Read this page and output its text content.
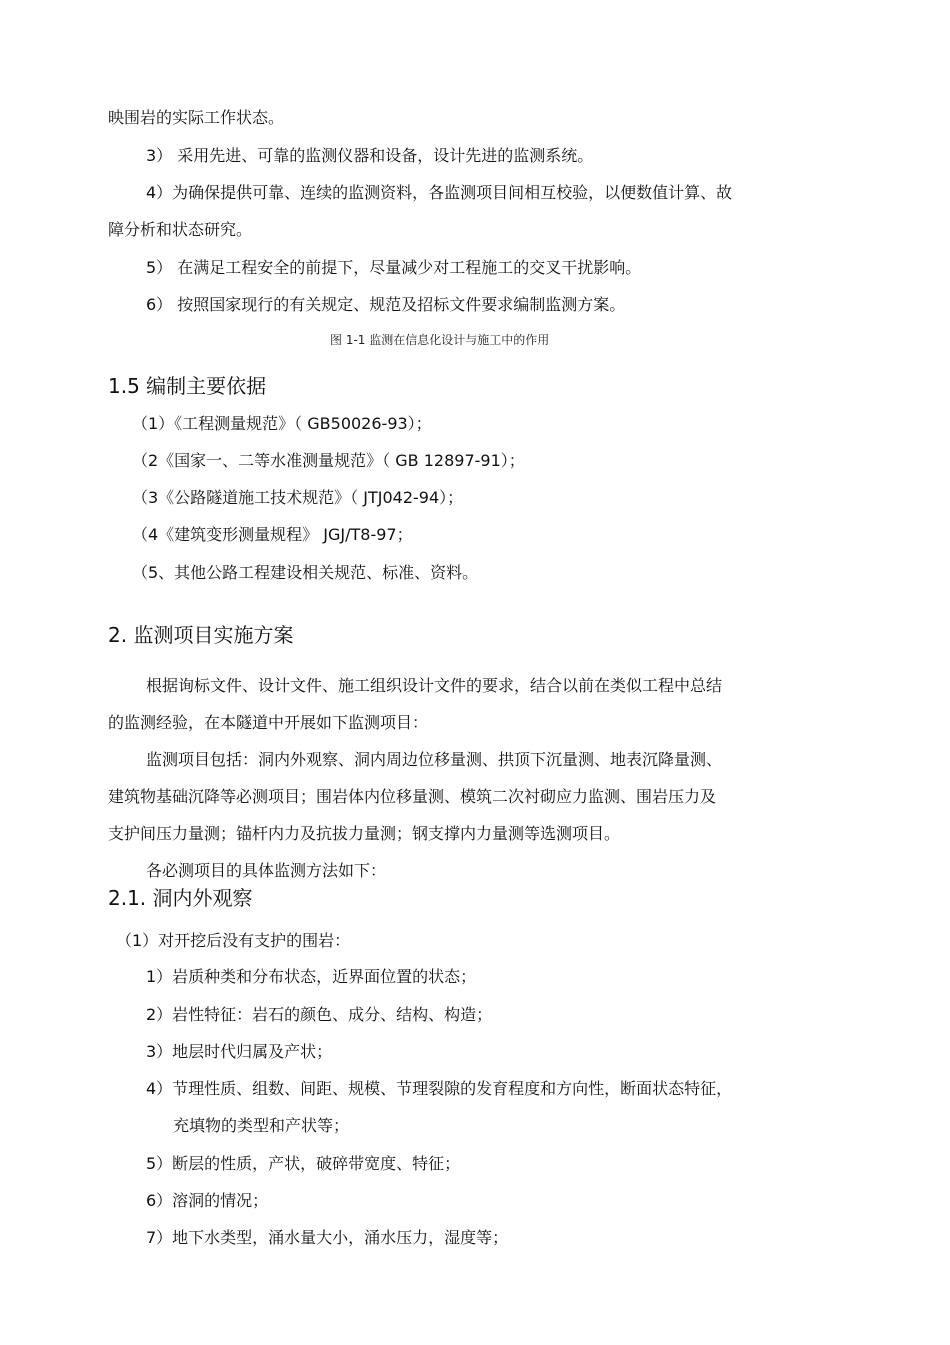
映围岩的实际工作状态。
3） 采用先进、可靠的监测仪器和设备，设计先进的监测系统。
4）为确保提供可靠、连续的监测资料，各监测项目间相互校验，以便数值计算、故
障分析和状态研究。
5） 在满足工程安全的前提下，尽量减少对工程施工的交叉干扰影响。
6） 按照国家现行的有关规定、规范及招标文件要求编制监测方案。
图 1-1 监测在信息化设计与施工中的作用
1.5 编制主要依据
（1）《工程测量规范》（ GB50026-93）；
（2《国家一、二等水准测量规范》（ GB 12897-91）；
（3《公路隧道施工技术规范》（ JTJ042-94）；
（4《建筑变形测量规程》 JGJ/T8-97；
（5、其他公路工程建设相关规范、标准、资料。
2. 监测项目实施方案
根据询标文件、设计文件、施工组织设计文件的要求，结合以前在类似工程中总结
的监测经验，在本隧道中开展如下监测项目：
监测项目包括：洞内外观察、洞内周边位移量测、拱顶下沉量测、地表沉降量测、
建筑物基础沉降等必测项目；围岩体内位移量测、模筑二次衬砌应力监测、围岩压力及
支护间压力量测；锚杆内力及抗拔力量测；钢支撑内力量测等选测项目。
各必测项目的具体监测方法如下：
2.1. 洞内外观察
（1）对开挖后没有支护的围岩：
1）岩质种类和分布状态，近界面位置的状态；
2）岩性特征：岩石的颜色、成分、结构、构造；
3）地层时代归属及产状；
4）节理性质、组数、间距、规模、节理裂隙的发育程度和方向性，断面状态特征，
充填物的类型和产状等；
5）断层的性质，产状，破碎带宽度、特征；
6）溶洞的情况；
7）地下水类型，涌水量大小，涌水压力，湿度等；
